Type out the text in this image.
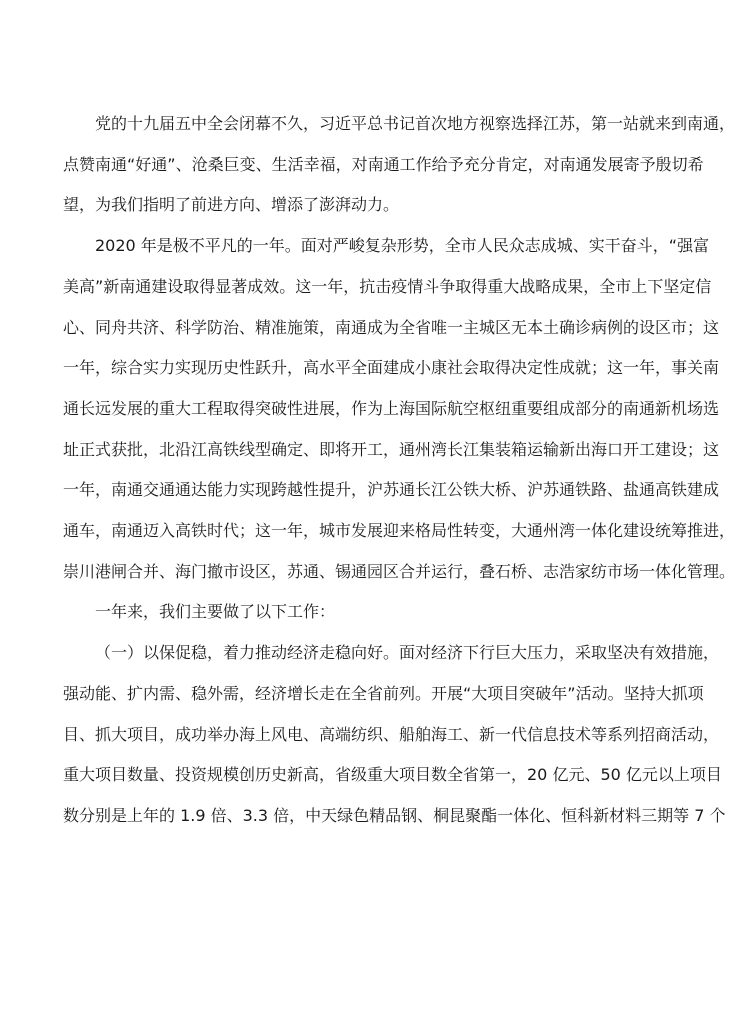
党的十九届五中全会闭幕不久，习近平总书记首次地方视察选择江苏，第一站就来到南通，
点赞南通“好通”、沧桑巨变、生活幸福，对南通工作给予充分肯定，对南通发展寄予殷切希
望，为我们指明了前进方向、增添了澎湃动力。
2020 年是极不平凡的一年。面对严峻复杂形势，全市人民众志成城、实干奋斗，“强富
美高”新南通建设取得显著成效。这一年，抗击疫情斗争取得重大战略成果，全市上下坚定信
心、同舟共济、科学防治、精准施策，南通成为全省唯一主城区无本土确诊病例的设区市；这
一年，综合实力实现历史性跃升，高水平全面建成小康社会取得决定性成就；这一年，事关南
通长远发展的重大工程取得突破性进展，作为上海国际航空枢纽重要组成部分的南通新机场选
址正式获批，北沿江高铁线型确定、即将开工，通州湾长江集装箱运输新出海口开工建设；这
一年，南通交通通达能力实现跨越性提升，沪苏通长江公铁大桥、沪苏通铁路、盐通高铁建成
通车，南通迈入高铁时代；这一年，城市发展迎来格局性转变，大通州湾一体化建设统筹推进，
崇川港闸合并、海门撤市设区，苏通、锡通园区合并运行，叠石桥、志浩家纺市场一体化管理。
一年来，我们主要做了以下工作：
（一）以保促稳，着力推动经济走稳向好。面对经济下行巨大压力，采取坚决有效措施，
强动能、扩内需、稳外需，经济增长走在全省前列。开展“大项目突破年”活动。坚持大抓项
目、抓大项目，成功举办海上风电、高端纺织、船舶海工、新一代信息技术等系列招商活动，
重大项目数量、投资规模创历史新高，省级重大项目数全省第一，20 亿元、50 亿元以上项目
数分别是上年的 1.9 倍、3.3 倍，中天绿色精品钢、桐昆聚酯一体化、恒科新材料三期等 7 个
